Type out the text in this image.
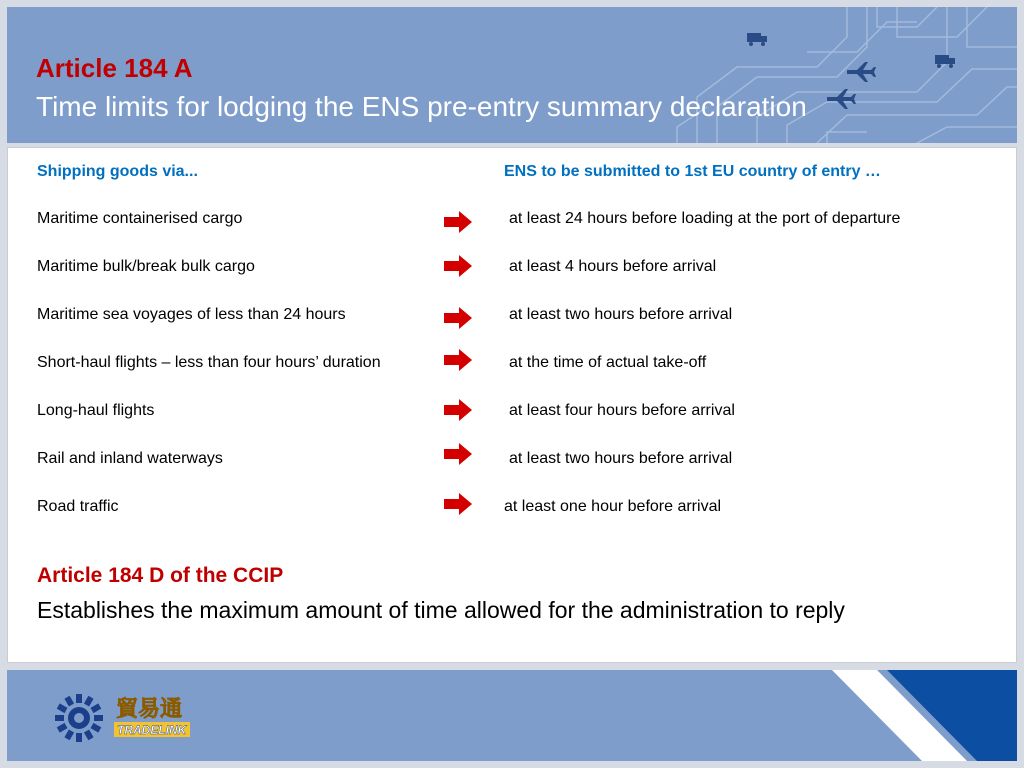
Article 184 A
Time limits for lodging the ENS pre-entry summary declaration
Shipping goods via...	ENS to be submitted to 1st EU country of entry …
Maritime containerised cargo	at least 24 hours before loading at the port of departure
Maritime bulk/break bulk cargo	at least 4 hours before arrival
Maritime sea voyages of less than 24 hours	at least two hours before arrival
Short-haul flights – less than four hours’ duration	at the time of actual take-off
Long-haul flights	at least four hours before arrival
Rail and inland waterways	at least two hours before arrival
Road traffic	at least one hour before arrival
Article 184 D of the CCIP
Establishes the maximum amount of time allowed for the administration to reply
貿易通
TRADELINK
